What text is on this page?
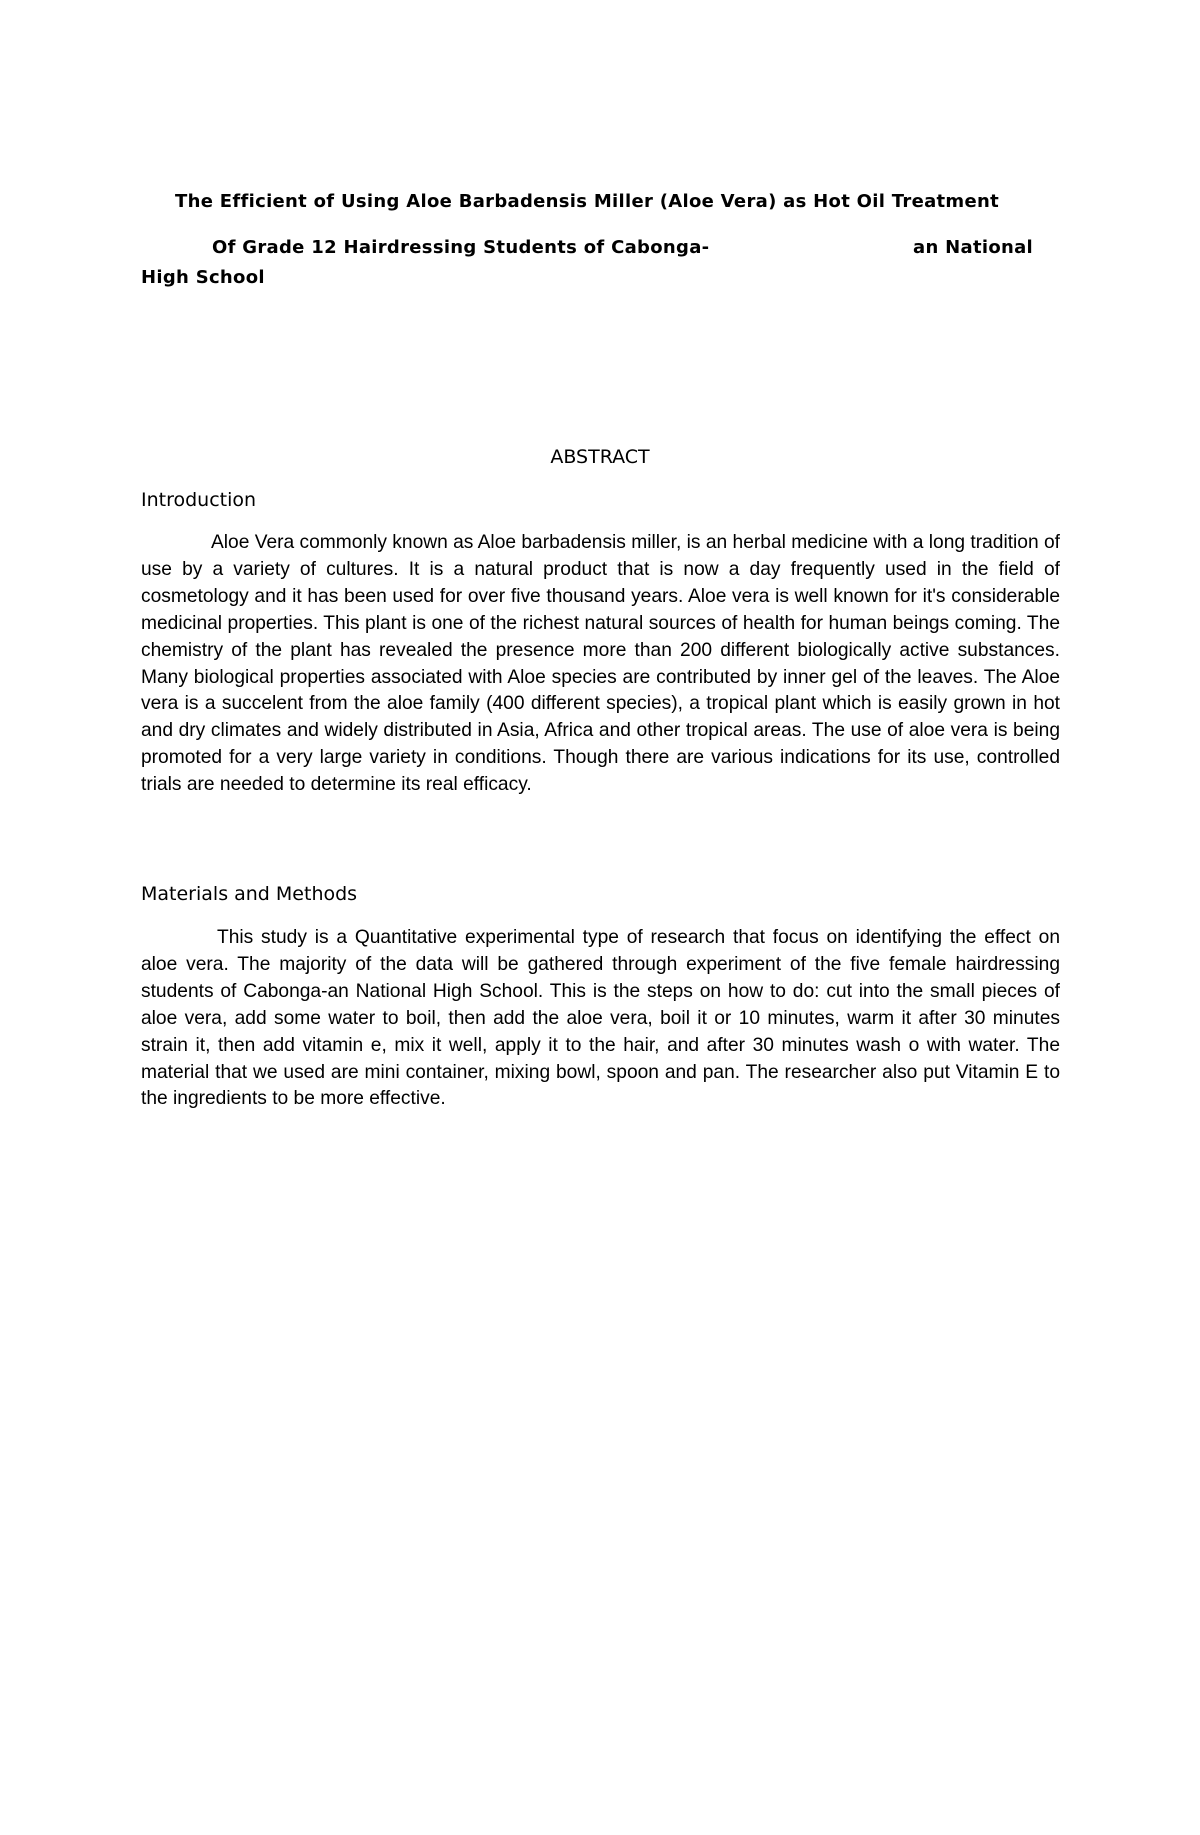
The Efficient of Using Aloe Barbadensis Miller (Aloe Vera) as Hot Oil Treatment
Of Grade 12 Hairdressing Students of Cabonga-	an National
High School
ABSTRACT
Introduction

Aloe Vera commonly known as Aloe barbadensis miller, is an herbal medicine with a long tradition of use by a variety of cultures. It is a natural product that is now a day frequently used in the field of cosmetology and it has been used for over five thousand years. Aloe vera is well known for it's considerable medicinal properties. This plant is one of the richest natural sources of health for human beings coming. The chemistry of the plant has revealed the presence more than 200 different biologically active substances. Many biological properties associated with Aloe species are contributed by inner gel of the leaves. The Aloe vera is a succelent from the aloe family (400 different species), a tropical plant which is easily grown in hot and dry climates and widely distributed in Asia, Africa and other tropical areas. The use of aloe vera is being promoted for a very large variety in conditions. Though there are various indications for its use, controlled trials are needed to determine its real efficacy.

Materials and Methods

This study is a Quantitative experimental type of research that focus on identifying the effect on aloe vera. The majority of the data will be gathered through experiment of the five female hairdressing students of Cabonga-an National High School. This is the steps on how to do: cut into the small pieces of aloe vera, add some water to boil, then add the aloe vera, boil it or 10 minutes, warm it after 30 minutes strain it, then add vitamin e, mix it well, apply it to the hair, and after 30 minutes wash o with water. The material that we used are mini container, mixing bowl, spoon and pan. The researcher also put Vitamin E to the ingredients to be more effective.
